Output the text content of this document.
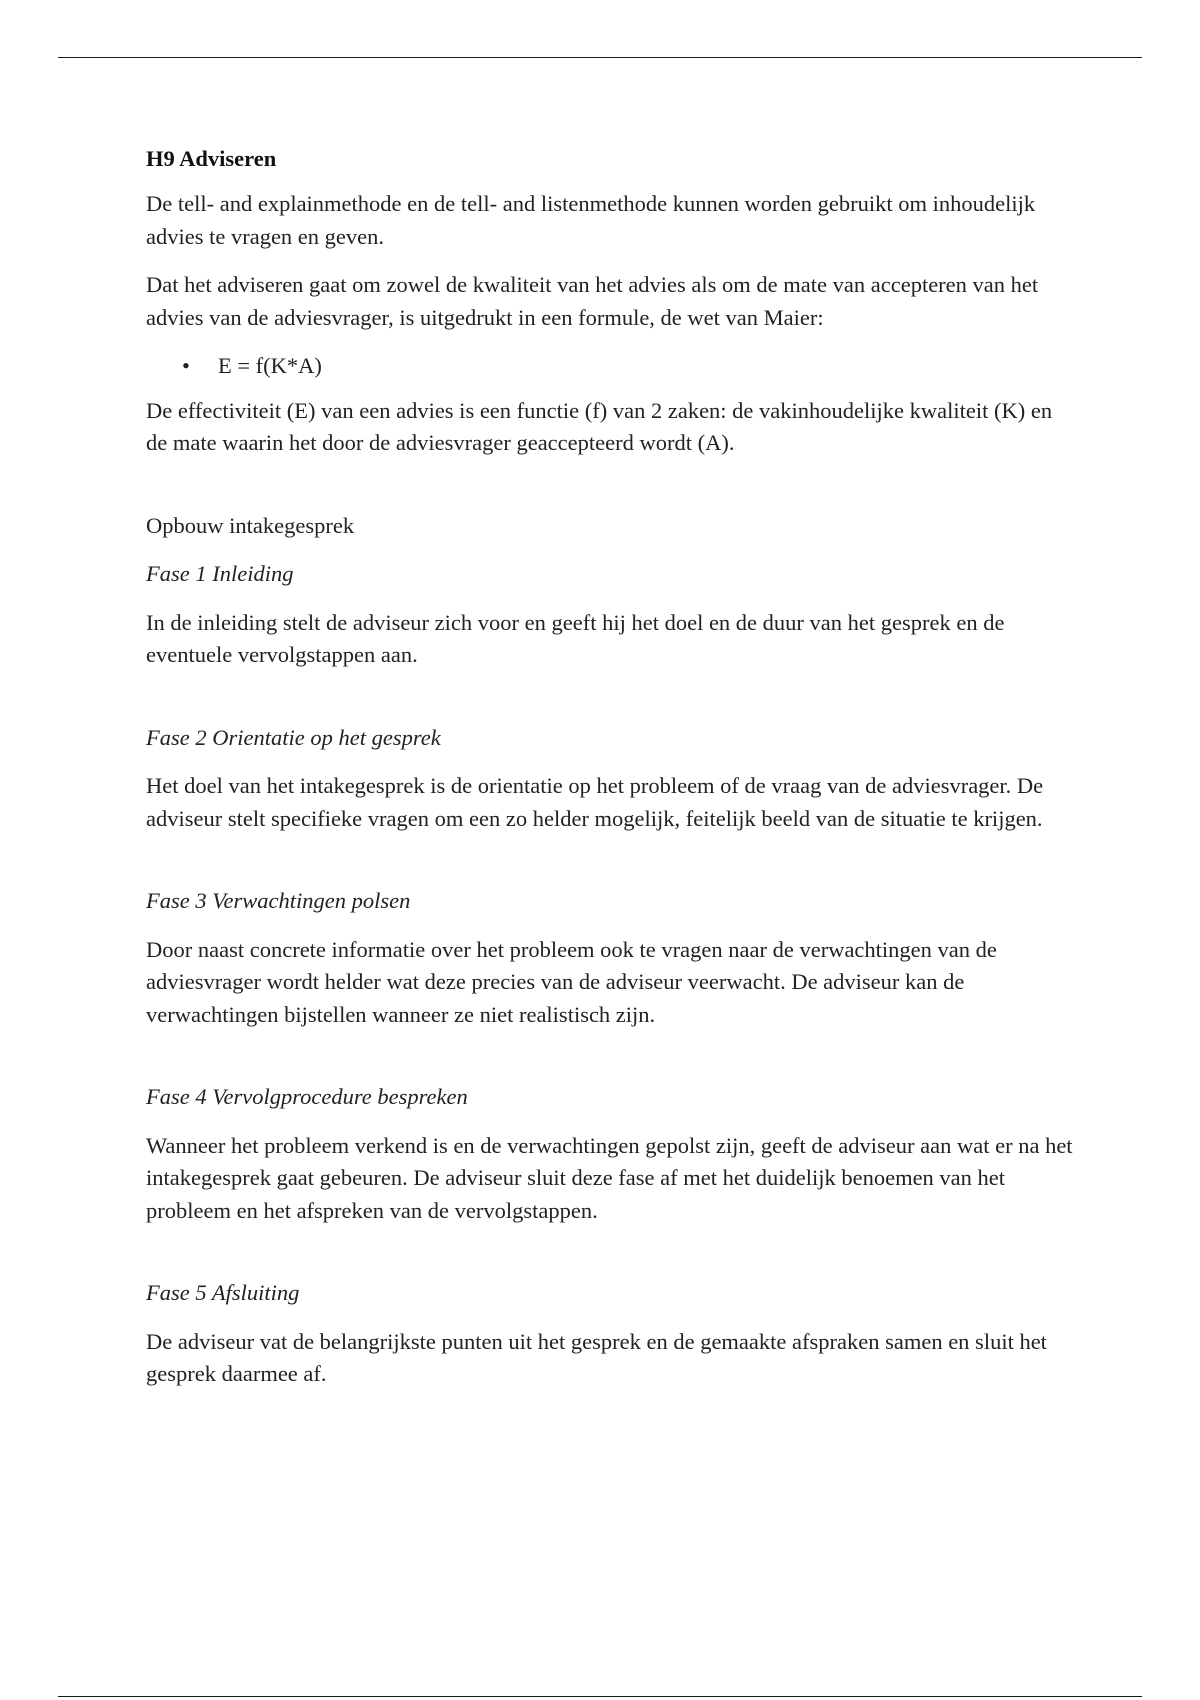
H9 Adviseren

De tell- and explainmethode en de tell- and listenmethode kunnen worden gebruikt om inhoudelijk advies te vragen en geven.

Dat het adviseren gaat om zowel de kwaliteit van het advies als om de mate van accepteren van het advies van de adviesvrager, is uitgedrukt in een formule, de wet van Maier:

• E = f(K*A)

De effectiviteit (E) van een advies is een functie (f) van 2 zaken: de vakinhoudelijke kwaliteit (K) en de mate waarin het door de adviesvrager geaccepteerd wordt (A).

Opbouw intakegesprek

Fase 1 Inleiding

In de inleiding stelt de adviseur zich voor en geeft hij het doel en de duur van het gesprek en de eventuele vervolgstappen aan.

Fase 2 Orientatie op het gesprek

Het doel van het intakegesprek is de orientatie op het probleem of de vraag van de adviesvrager. De adviseur stelt specifieke vragen om een zo helder mogelijk, feitelijk beeld van de situatie te krijgen.

Fase 3 Verwachtingen polsen

Door naast concrete informatie over het probleem ook te vragen naar de verwachtingen van de adviesvrager wordt helder wat deze precies van de adviseur veerwacht. De adviseur kan de verwachtingen bijstellen wanneer ze niet realistisch zijn.

Fase 4 Vervolgprocedure bespreken

Wanneer het probleem verkend is en de verwachtingen gepolst zijn, geeft de adviseur aan wat er na het intakegesprek gaat gebeuren. De adviseur sluit deze fase af met het duidelijk benoemen van het probleem en het afspreken van de vervolgstappen.

Fase 5 Afsluiting

De adviseur vat de belangrijkste punten uit het gesprek en de gemaakte afspraken samen en sluit het gesprek daarmee af.
